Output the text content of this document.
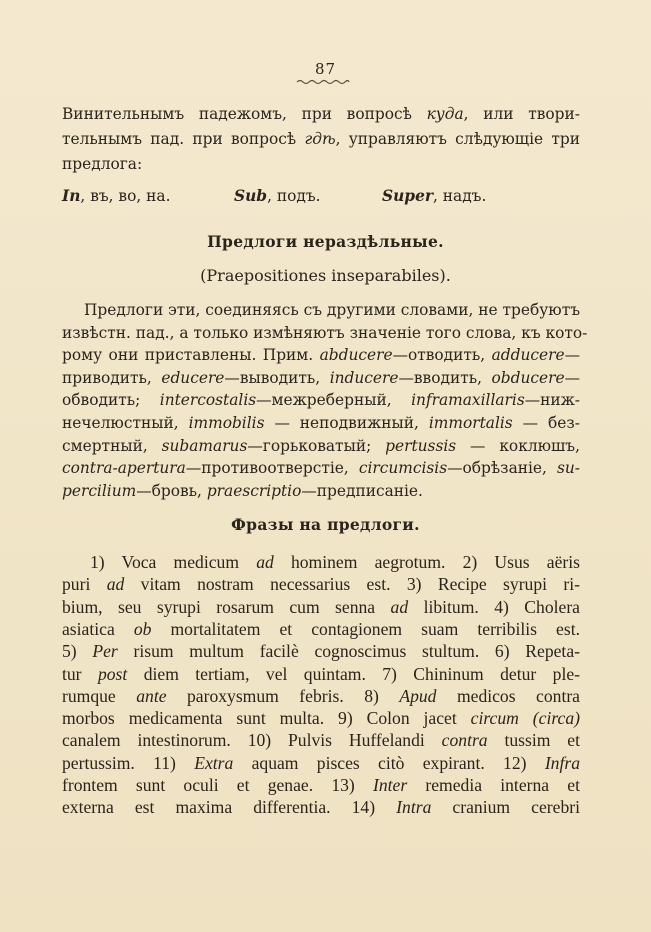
87
Винительнымъ падежомъ, при вопросѣ куда, или твори-
тельнымъ пад. при вопросѣ гдѣ, управляютъ слѣдующіе три
предлога:
In, въ, во, на.	Sub, подъ.	Super, надъ.
Предлоги нераздѣльные.
(Praepositiones inseparabiles).
Предлоги эти, соединяясь съ другими словами, не требуютъ
извѣстн. пад., а только измѣняютъ значеніе того слова, къ кото-
рому они приставлены. Прим. abducere—отводить, adducere—
приводить, educere—выводить, inducere—вводить, obducere—
обводить; intercostalis—межреберный, inframaxillaris—ниж-
нечелюстный, immobilis — неподвижный, immortalis — без-
смертный, subamarus—горьковатый; pertussis — коклюшъ,
contra-apertura—противоотверстіе, circumcisis—обрѣзаніе, su-
percilium—бровь, praescriptio—предписаніе.
Фразы на предлоги.
1) Voca medicum ad hominem aegrotum. 2) Usus aëris
puri ad vitam nostram necessarius est. 3) Recipe syrupi ri-
bium, seu syrupi rosarum cum senna ad libitum. 4) Cholera
asiatica ob mortalitatem et contagionem suam terribilis est.
5) Per risum multum facilè cognoscimus stultum. 6) Repeta-
tur post diem tertiam, vel quintam. 7) Chininum detur ple-
rumque ante paroxysmum febris. 8) Apud medicos contra
morbos medicamenta sunt multa. 9) Colon jacet circum (circa)
canalem intestinorum. 10) Pulvis Huffelandi contra tussim et
pertussim. 11) Extra aquam pisces citò expirant. 12) Infra
frontem sunt oculi et genae. 13) Inter remedia interna et
externa est maxima differentia. 14) Intra cranium cerebri
